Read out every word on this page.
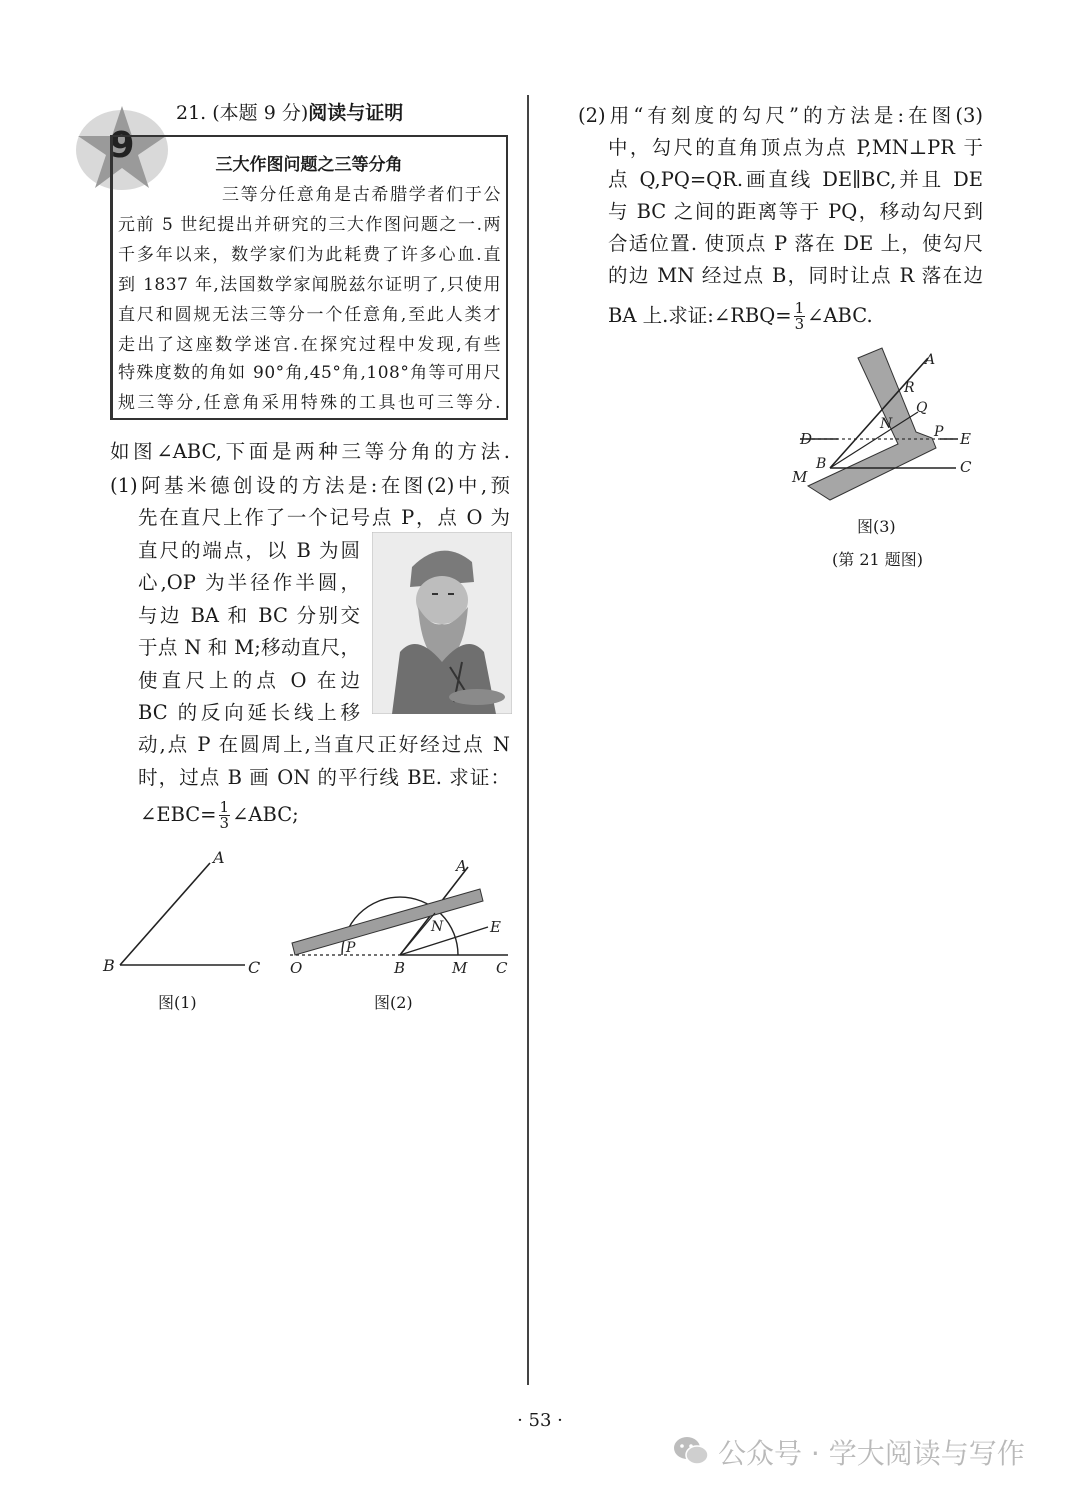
9
21. (本题 9 分)阅读与证明
三大作图问题之三等分角
三等分任意角是古希腊学者们于公
元前 5 世纪提出并研究的三大作图问题之一.两
千多年以来，数学家们为此耗费了许多心血.直
到 1837 年,法国数学家闻脱兹尔证明了,只使用
直尺和圆规无法三等分一个任意角,至此人类才
走出了这座数学迷宫.在探究过程中发现,有些
特殊度数的角如 90°角,45°角,108°角等可用尺
规三等分,任意角采用特殊的工具也可三等分.
如图∠ABC,下面是两种三等分角的方法.
(1)阿基米德创设的方法是:在图(2)中,预
先在直尺上作了一个记号点 P，点 O 为
直尺的端点，以 B 为圆
心,OP 为半径作半圆，
与边 BA 和 BC 分别交
于点 N 和 M;移动直尺，
使直尺上的点 O 在边
BC 的反向延长线上移
动,点 P 在圆周上,当直尺正好经过点 N
时，过点 B 画 ON 的平行线 BE. 求证：
∠EBC= $\frac{1}{3}$ ∠ABC;
A
B	C
图(1)
A
E
N
P
O	B	M C
图(2)
(2)用“有刻度的勾尺”的方法是:在图(3)
中，勾尺的直角顶点为点 P,MN⊥PR 于
点 Q,PQ=QR.画直线 DE∥BC,并且 DE
与 BC 之间的距离等于 PQ，移动勾尺到
合适位置. 使顶点 P 落在 DE 上，使勾尺
的边 MN 经过点 B，同时让点 R 落在边
BA 上.求证:∠RBQ= $\frac{1}{3}$ ∠ABC.
A
R
Q
N	P
D	E
B	C
M
图(3)
(第 21 题图)
· 53 ·
公众号 · 学大阅读与写作
